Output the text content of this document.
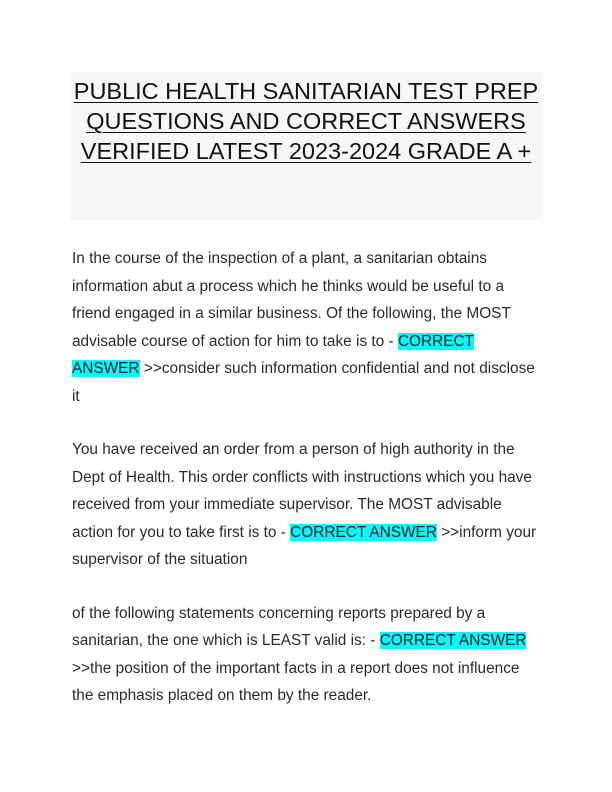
PUBLIC HEALTH SANITARIAN TEST PREP QUESTIONS AND CORRECT ANSWERS VERIFIED LATEST 2023-2024 GRADE A +

In the course of the inspection of a plant, a sanitarian obtains information abut a process which he thinks would be useful to a friend engaged in a similar business. Of the following, the MOST advisable course of action for him to take is to - CORRECT ANSWER >>consider such information confidential and not disclose it

You have received an order from a person of high authority in the Dept of Health. This order conflicts with instructions which you have received from your immediate supervisor. The MOST advisable action for you to take first is to - CORRECT ANSWER >>inform your supervisor of the situation

of the following statements concerning reports prepared by a sanitarian, the one which is LEAST valid is: - CORRECT ANSWER >>the position of the important facts in a report does not influence the emphasis placed on them by the reader.
